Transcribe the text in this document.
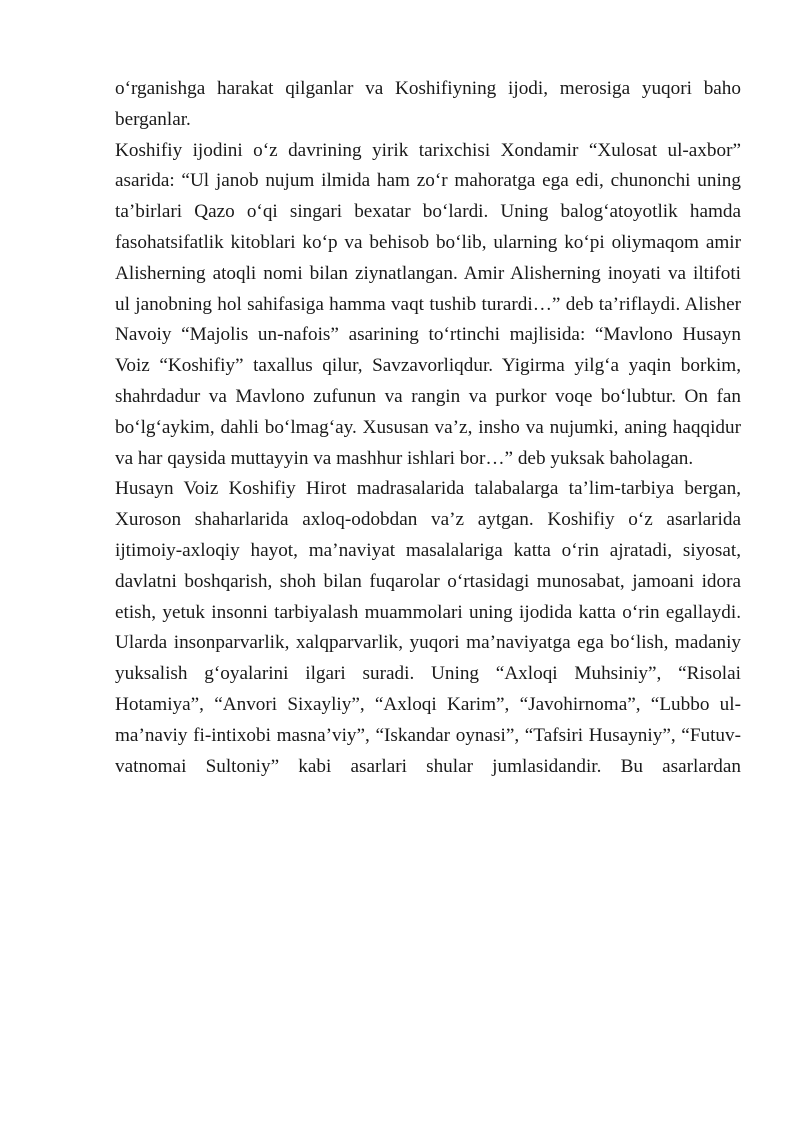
o‘rganishga harakat qilganlar va Koshifiyning ijodi, merosiga yuqori baho berganlar.

Koshifiy ijodini o‘z davrining yirik tarixchisi Xondamir “Xulosat ul-axbor” asarida: “Ul janob nujum ilmida ham zo‘r mahoratga ega edi, chunonchi uning ta’birlari Qazo o‘qi singari bexatar bo‘lardi. Uning balog‘atoyotlik hamda fasohatsifatlik kitoblari ko‘p va behisob bo‘lib, ularning ko‘pi oliymaqom amir Alisherning atoqli nomi bilan ziynatlangan. Amir Alisherning inoyati va iltifoti ul janobning hol sahifasiga hamma vaqt tushib turardi…” deb ta’riflaydi. Alisher Navoiy “Majolis un-nafois” asarining to‘rtinchi majlisida: “Mavlono Husayn Voiz “Koshifiy” taxallus qilur, Savzavorliqdur. Yigirma yilg‘a yaqin borkim, shahrdadur va Mavlono zufunun va rangin va purkor voqe bo‘lubtur. On fan bo‘lg‘aykim, dahli bo‘lmag‘ay. Xususan va’z, insho va nujumki, aning haqqidur va har qaysida muttayyin va mashhur ishlari bor…” deb yuksak baholagan.

Husayn Voiz Koshifiy Hirot madrasalarida talabalarga ta’lim-tarbiya bergan, Xuroson shaharlarida axloq-odobdan va’z aytgan. Koshifiy o‘z asarlarida ijtimoiy-axloqiy hayot, ma’naviyat masalalariga katta o‘rin ajratadi, siyosat, davlatni boshqarish, shoh bilan fuqarolar o‘rtasidagi munosabat, jamoani idora etish, yetuk insonni tarbiyalash muammolari uning ijodida katta o‘rin egallaydi. Ularda insonparvarlik, xalqparvarlik, yuqori ma’naviyatga ega bo‘lish, madaniy yuksalish g‘oyalarini ilgari suradi. Uning “Axloqi Muhsiniy”, “Risolai Hotamiya”, “Anvori Sixayliy”, “Axloqi Karim”, “Javohirnoma”, “Lubbo ul-ma’naviy fi-intixobi masna’viy”, “Iskandar oynasi”, “Tafsiri Husayniy”, “Futuv-vatnomai Sultoniy” kabi asarlari shular jumlasidandir. Bu asarlardan
